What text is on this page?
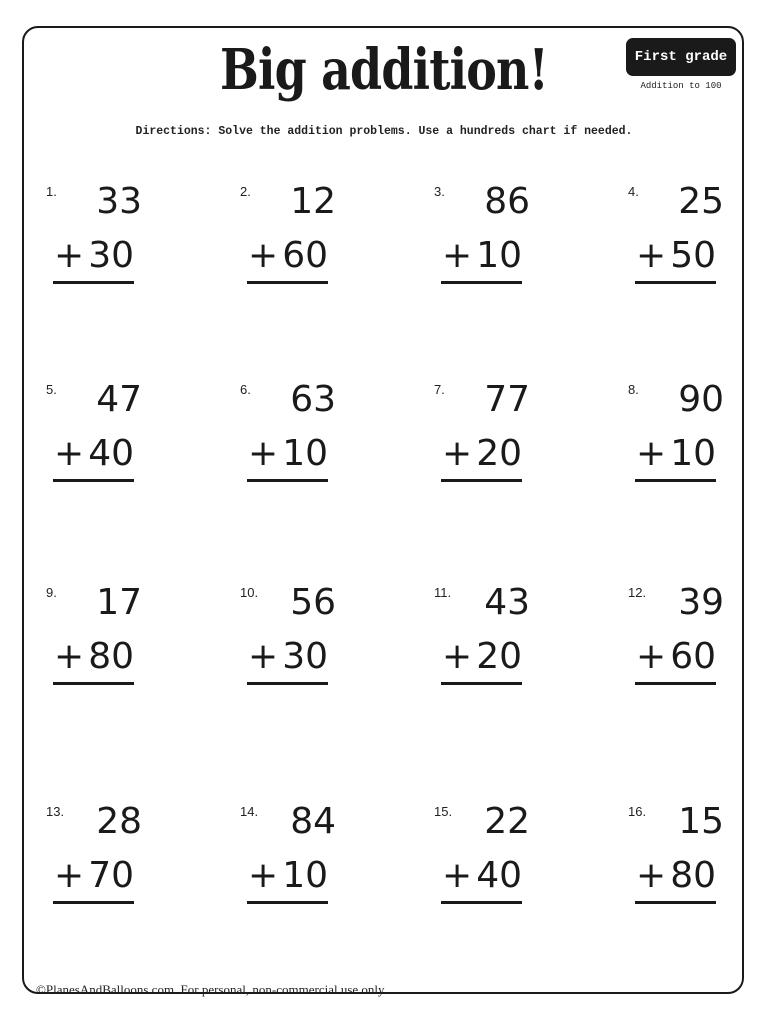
Big addition!	First grade
Addition to 100
Directions: Solve the addition problems. Use a hundreds chart if needed.
1. 33
+ 30
2. 12
+ 60
3. 86
+ 10
4. 25
+ 50
5. 47
+ 40
6. 63
+ 10
7. 77
+ 20
8. 90
+ 10
9. 17
+ 80
10. 56
+ 30
11. 43
+ 20
12. 39
+ 60
13. 28
+ 70
14. 84
+ 10
15. 22
+ 40
16. 15
+ 80
©PlanesAndBalloons.com. For personal, non-commercial use only.
